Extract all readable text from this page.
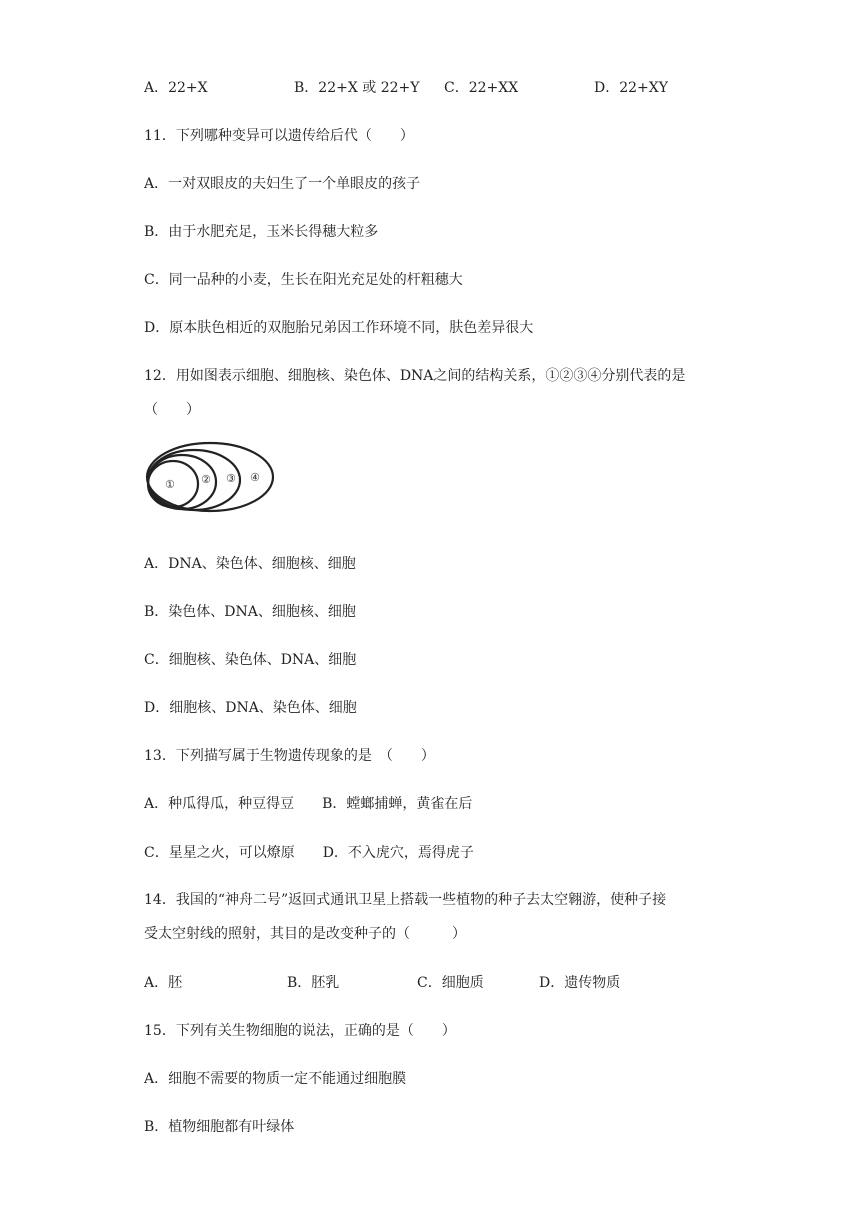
A．22+X	B．22+X 或 22+Y C．22+XX	D．22+XY
11．下列哪种变异可以遗传给后代（　　）
A．一对双眼皮的夫妇生了一个单眼皮的孩子
B．由于水肥充足，玉米长得穗大粒多
C．同一品种的小麦，生长在阳光充足处的杆粗穗大
D．原本肤色相近的双胞胎兄弟因工作环境不同，肤色差异很大
12．用如图表示细胞、细胞核、染色体、DNA之间的结构关系，①②③④分别代表的是
（　　）
① ② ③ ④
A．DNA、染色体、细胞核、细胞
B．染色体、DNA、细胞核、细胞
C．细胞核、染色体、DNA、细胞
D．细胞核、DNA、染色体、细胞
13．下列描写属于生物遗传现象的是　（　　）
A．种瓜得瓜，种豆得豆　　B．螳螂捕蝉，黄雀在后
C．星星之火，可以燎原　　D．不入虎穴，焉得虎子
14．我国的“神舟二号”返回式通讯卫星上搭载一些植物的种子去太空翱游，使种子接
受太空射线的照射，其目的是改变种子的（　　　）
A．胚	B．胚乳	C．细胞质	D．遗传物质
15．下列有关生物细胞的说法，正确的是（　　）
A．细胞不需要的物质一定不能通过细胞膜
B．植物细胞都有叶绿体
